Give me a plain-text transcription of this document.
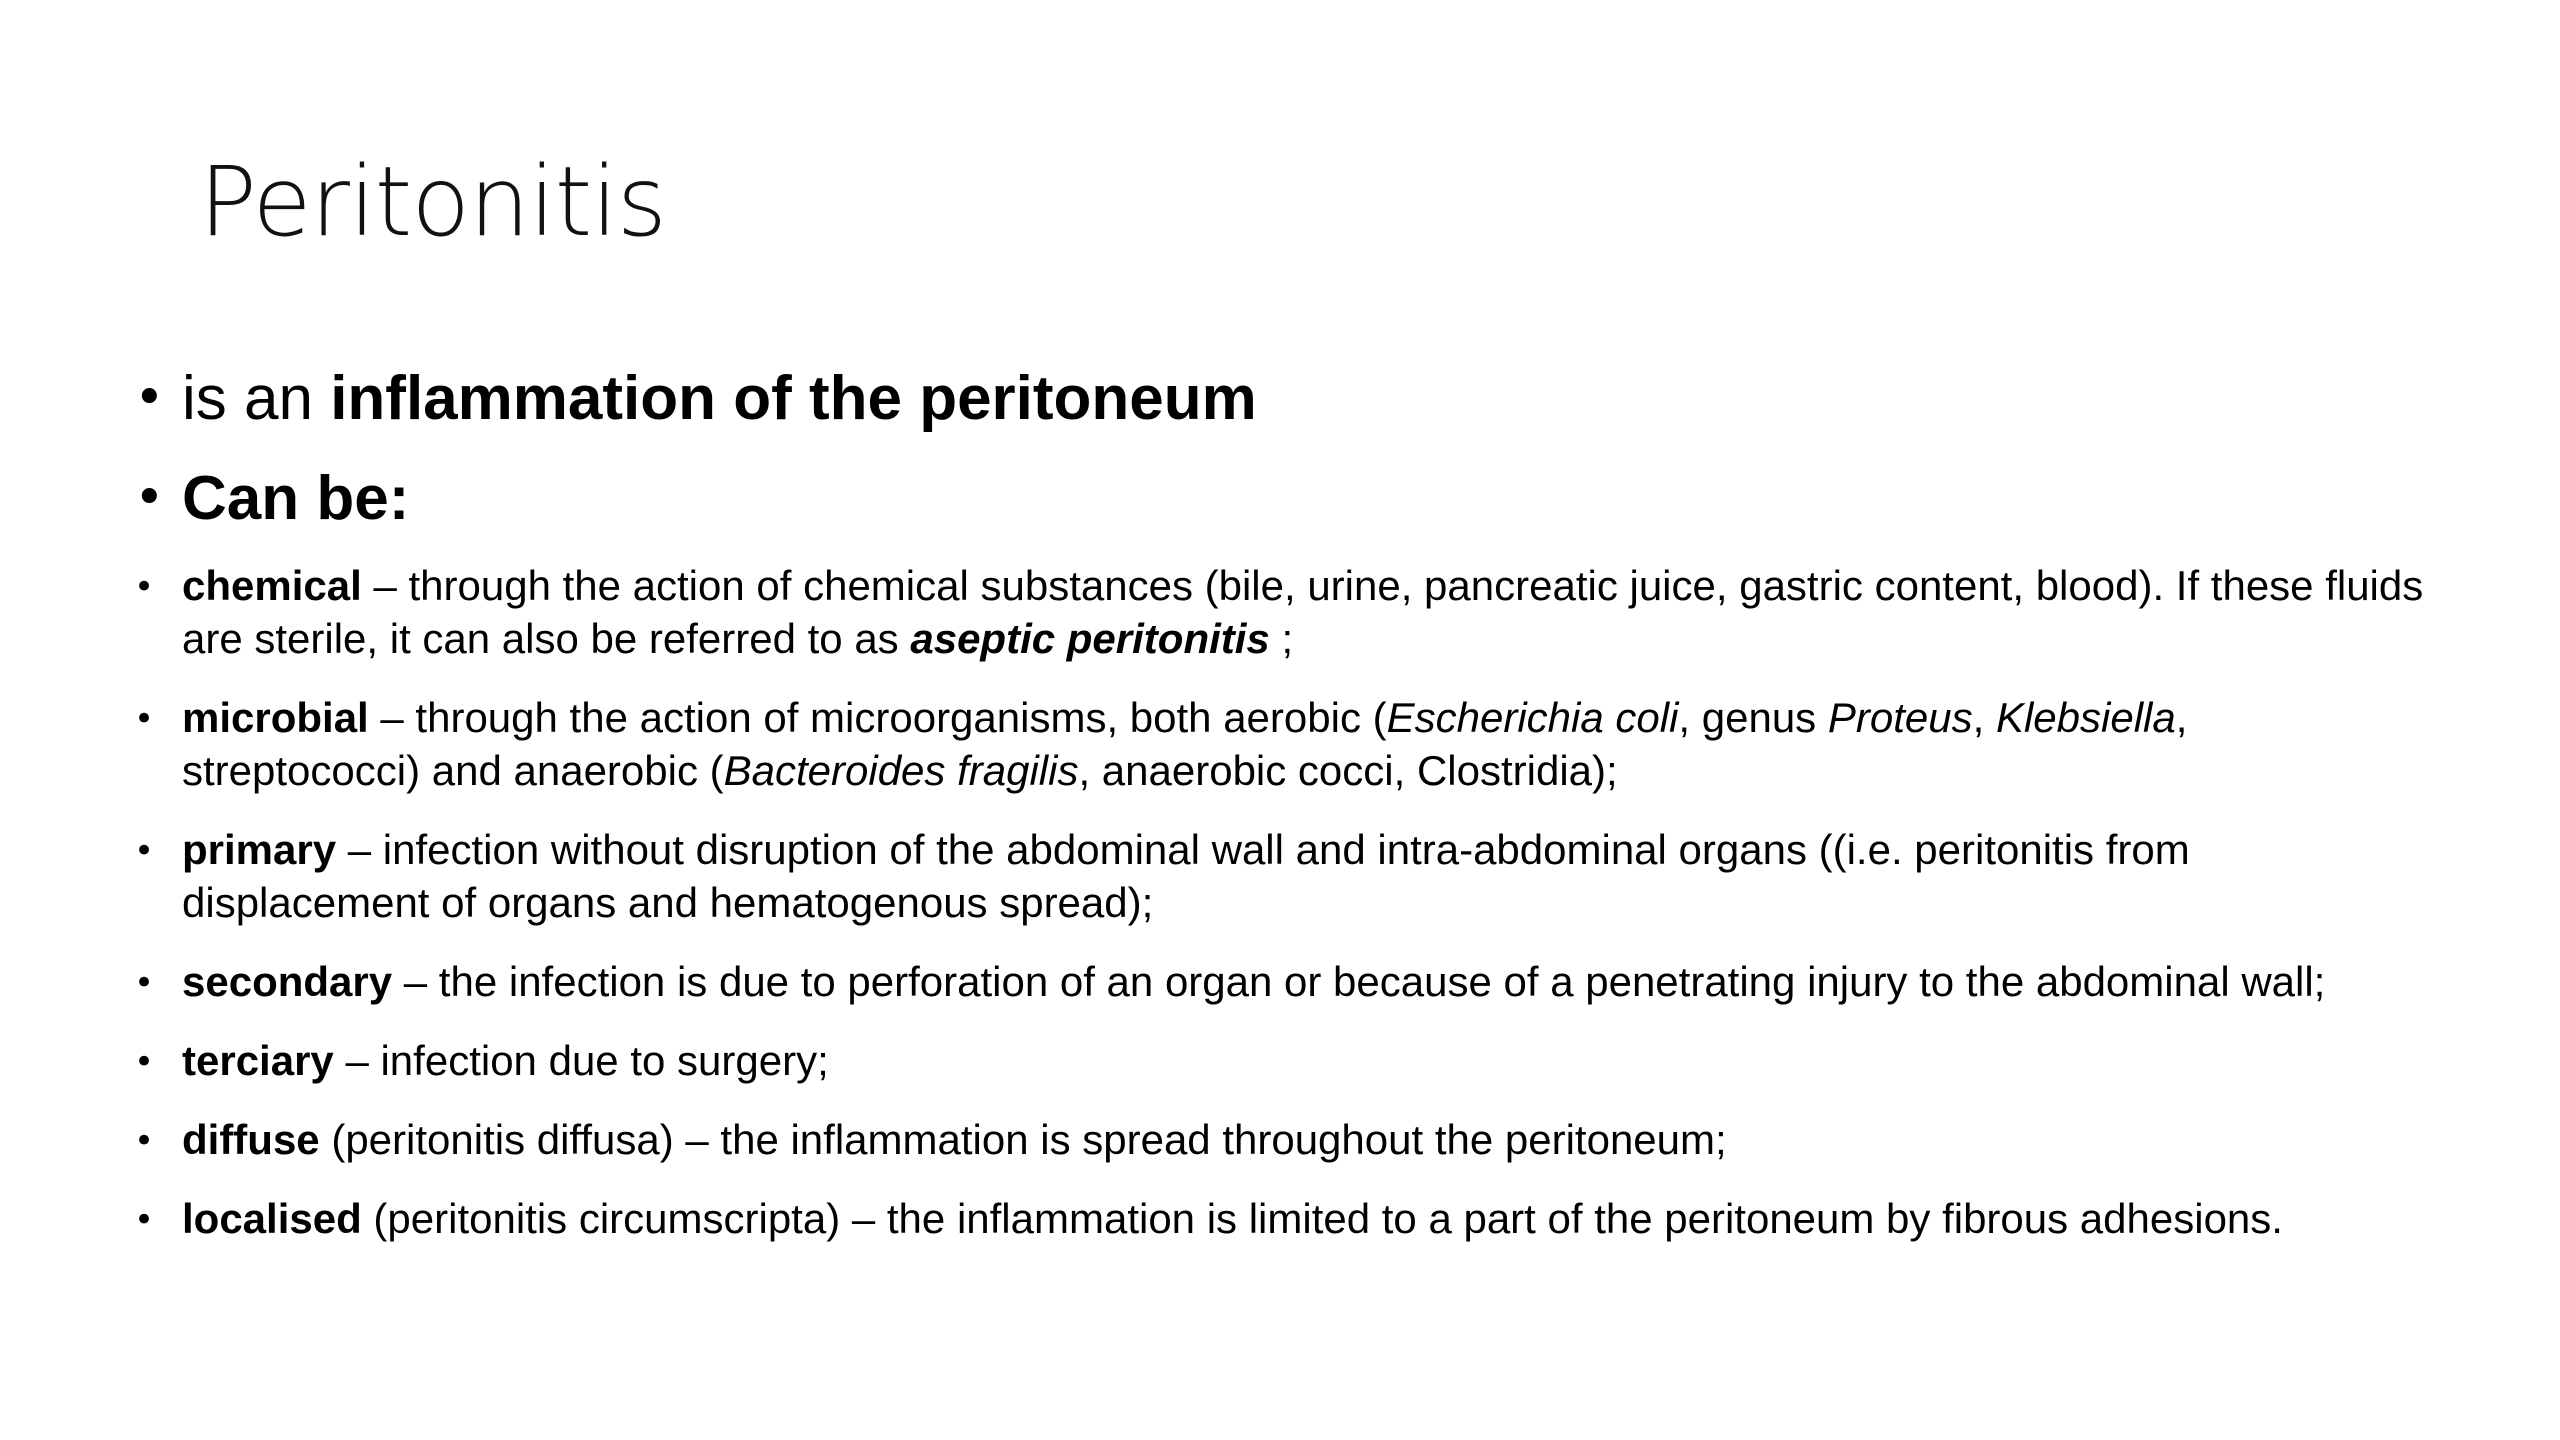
Peritonitis
• is an inflammation of the peritoneum
• Can be:
• chemical – through the action of chemical substances (bile, urine, pancreatic juice, gastric content, blood). If these fluids are sterile, it can also be referred to as aseptic peritonitis ;
• microbial – through the action of microorganisms, both aerobic (Escherichia coli, genus Proteus, Klebsiella, streptococci) and anaerobic (Bacteroides fragilis, anaerobic cocci, Clostridia);
• primary – infection without disruption of the abdominal wall and intra-abdominal organs ((i.e. peritonitis from displacement of organs and hematogenous spread);
• secondary – the infection is due to perforation of an organ or because of a penetrating injury to the abdominal wall;
• terciary – infection due to surgery;
• diffuse (peritonitis diffusa) – the inflammation is spread throughout the peritoneum;
• localised (peritonitis circumscripta) – the inflammation is limited to a part of the peritoneum by fibrous adhesions.
